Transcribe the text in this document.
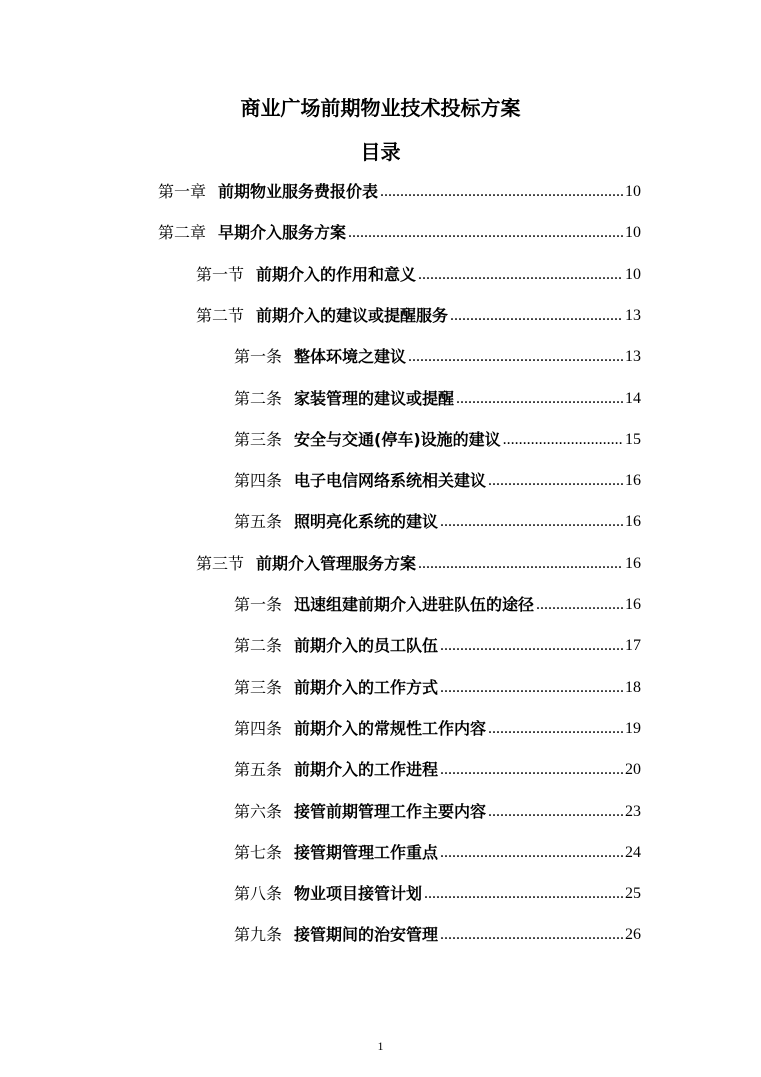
商业广场前期物业技术投标方案
目录
第一章 前期物业服务费报价表 .....	10
第二章 早期介入服务方案 .....	10
第一节 前期介入的作用和意义 .....	10
第二节 前期介入的建议或提醒服务 .....	13
第一条 整体环境之建议 .....	13
第二条 家装管理的建议或提醒 .....	14
第三条 安全与交通(停车)设施的建议 .....	15
第四条 电子电信网络系统相关建议 .....	16
第五条 照明亮化系统的建议 .....	16
第三节 前期介入管理服务方案 .....	16
第一条 迅速组建前期介入进驻队伍的途径 .....	16
第二条 前期介入的员工队伍 .....	17
第三条 前期介入的工作方式 .....	18
第四条 前期介入的常规性工作内容 .....	19
第五条 前期介入的工作进程 .....	20
第六条 接管前期管理工作主要内容 .....	23
第七条 接管期管理工作重点 .....	24
第八条 物业项目接管计划 .....	25
第九条 接管期间的治安管理 .....	26
1
